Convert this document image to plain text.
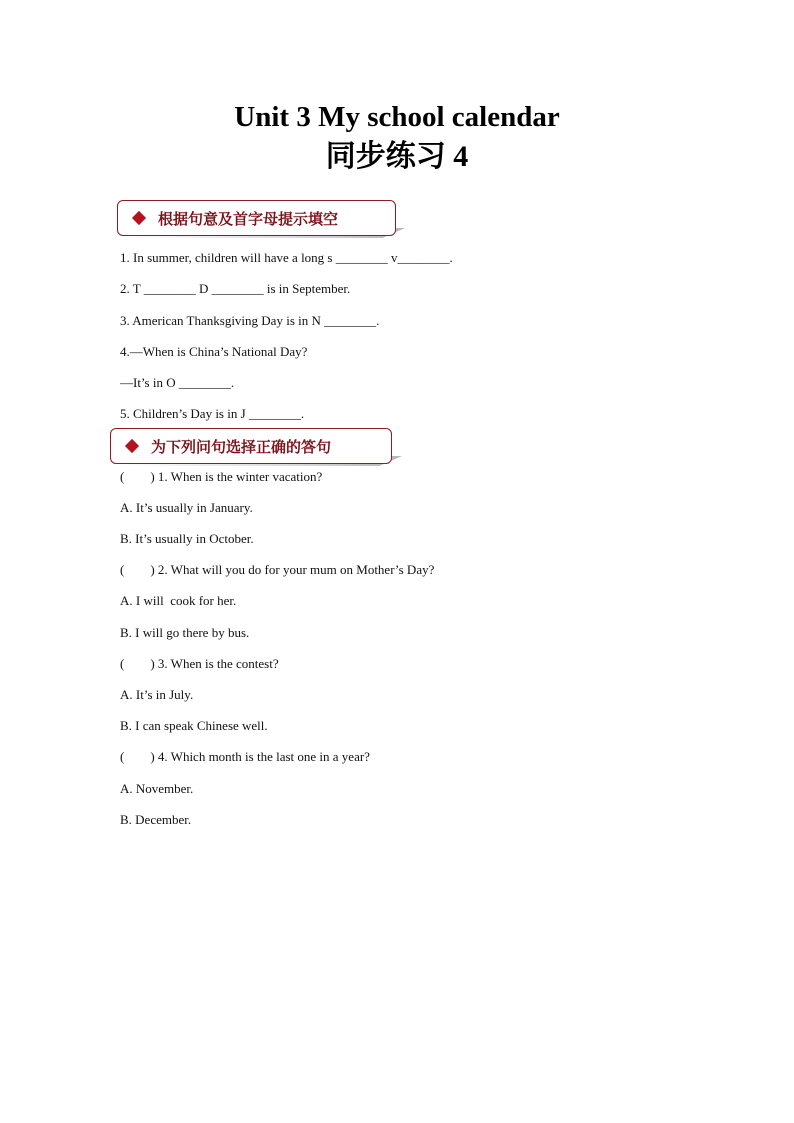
Unit 3 My school calendar
同步练习 4
根据句意及首字母提示填空
1. In summer, children will have a long s ________ v________.
2. T ________ D ________ is in September.
3. American Thanksgiving Day is in N ________.
4.—When is China’s National Day?
—It’s in O ________.
5. Children’s Day is in J ________.
为下列问句选择正确的答句
(        ) 1. When is the winter vacation?
A. It’s usually in January.
B. It’s usually in October.
(        ) 2. What will you do for your mum on Mother’s Day?
A. I will  cook for her.
B. I will go there by bus.
(        ) 3. When is the contest?
A. It’s in July.
B. I can speak Chinese well.
(        ) 4. Which month is the last one in a year?
A. November.
B. December.
